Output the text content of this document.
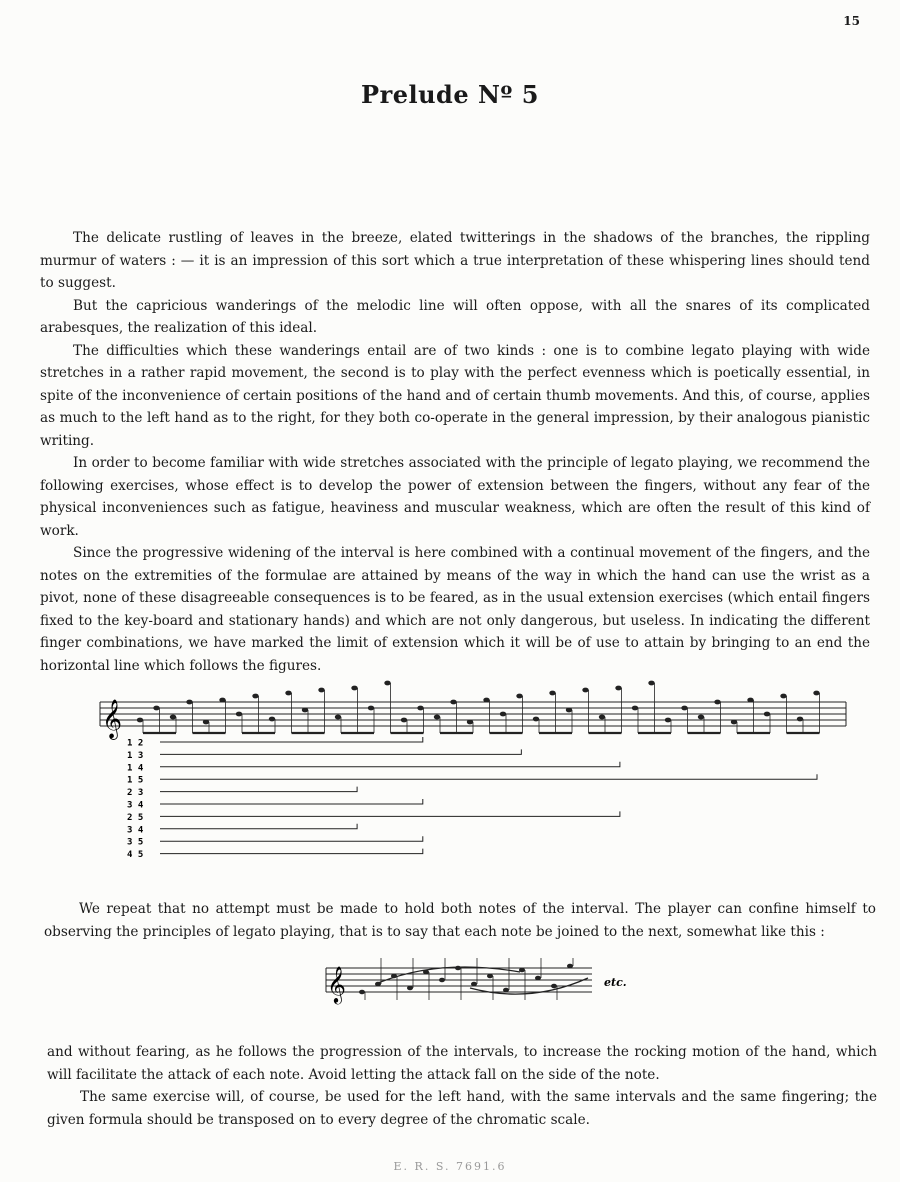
15
Prelude Nº 5

The delicate rustling of leaves in the breeze, elated twitterings in the shadows of the branches, the rippling murmur of waters : — it is an impression of this sort which a true interpretation of these whispering lines should tend to suggest.

But the capricious wanderings of the melodic line will often oppose, with all the snares of its complicated arabesques, the realization of this ideal.

The difficulties which these wanderings entail are of two kinds : one is to combine legato playing with wide stretches in a rather rapid movement, the second is to play with the perfect evenness which is poetically essential, in spite of the inconvenience of certain positions of the hand and of certain thumb movements. And this, of course, applies as much to the left hand as to the right, for they both co-operate in the general impression, by their analogous pianistic writing.

In order to become familiar with wide stretches associated with the principle of legato playing, we recommend the following exercises, whose effect is to develop the power of extension between the fingers, without any fear of the physical inconveniences such as fatigue, heaviness and muscular weakness, which are often the result of this kind of work.

Since the progressive widening of the interval is here combined with a continual movement of the fingers, and the notes on the extremities of the formulae are attained by means of the way in which the hand can use the wrist as a pivot, none of these disagreeable consequences is to be feared, as in the usual extension exercises (which entail fingers fixed to the key-board and stationary hands) and which are not only dangerous, but useless. In indicating the different finger combinations, we have marked the limit of extension which it will be of use to attain by bringing to an end the horizontal line which follows the figures.

𝄞
1 2
1 3
1 4
1 5
2 3
3 4
2 5
3 4
3 5
4 5
𝄞	etc.

We repeat that no attempt must be made to hold both notes of the interval. The player can confine himself to observing the principles of legato playing, that is to say that each note be joined to the next, somewhat like this :

and without fearing, as he follows the progression of the intervals, to increase the rocking motion of the hand, which will facilitate the attack of each note. Avoid letting the attack fall on the side of the note.

The same exercise will, of course, be used for the left hand, with the same intervals and the same fingering; the given formula should be transposed on to every degree of the chromatic scale.

E. R. S. 7691.6
